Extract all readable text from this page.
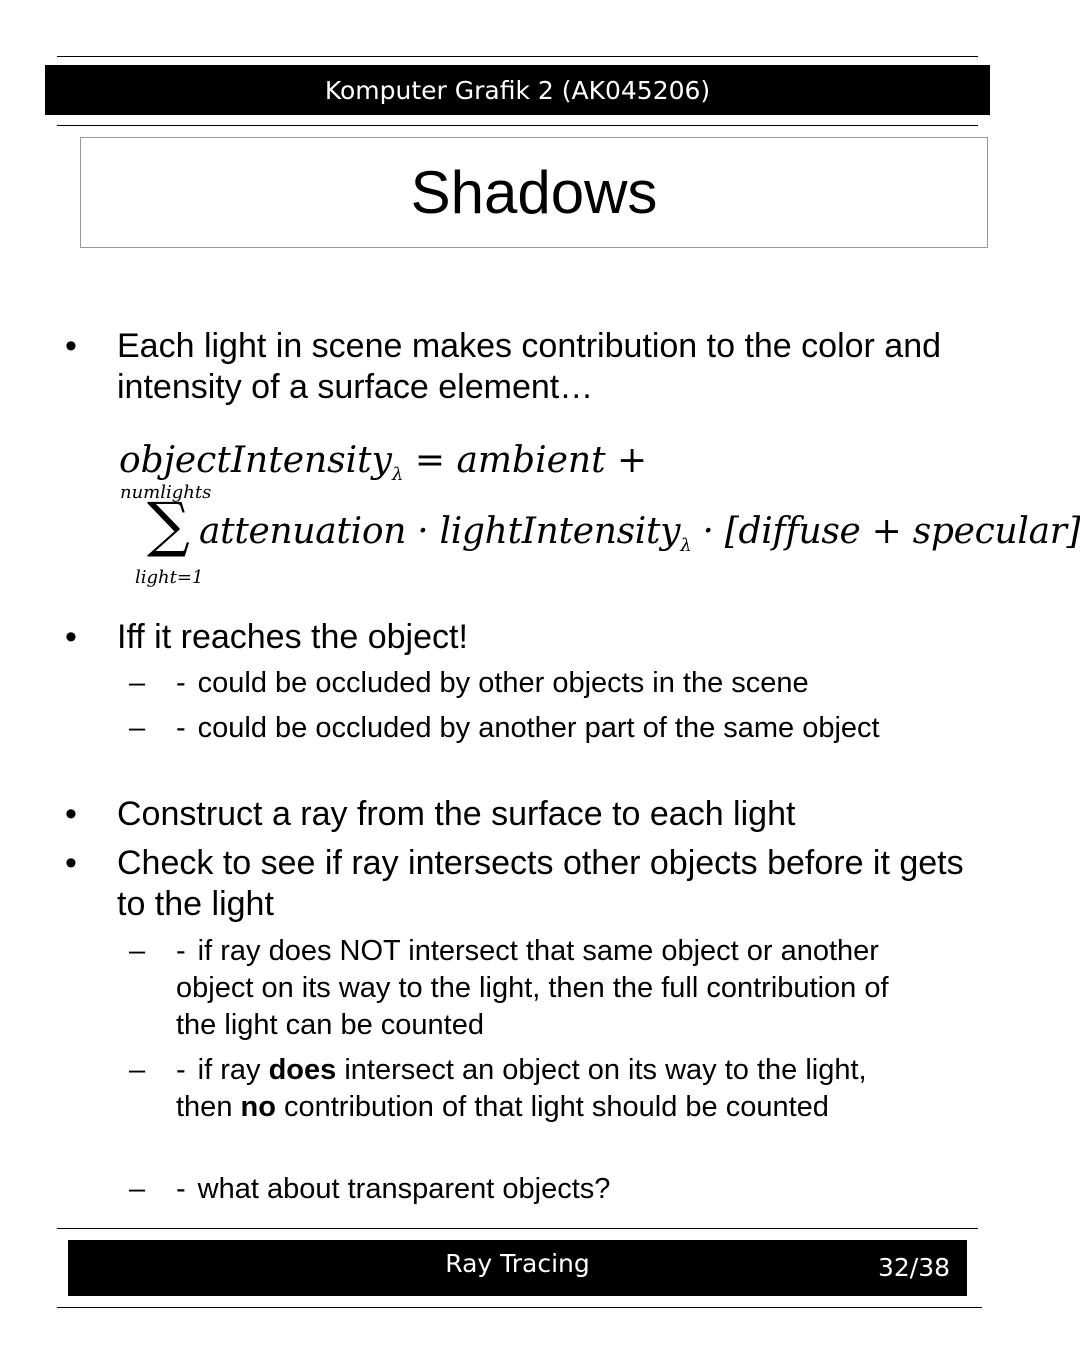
Komputer Grafik 2 (AK045206)
Shadows
• Each light in scene makes contribution to the color and intensity of a surface element…
objectIntensity$_\lambda$ = ambient +
numlights
∑
light=1
attenuation · lightIntensity$_\lambda$ · [diffuse + specular]
• Iff it reaches the object!
– - could be occluded by other objects in the scene
– - could be occluded by another part of the same object
• Construct a ray from the surface to each light
• Check to see if ray intersects other objects before it gets to the light
– - if ray does NOT intersect that same object or another object on its way to the light, then the full contribution of the light can be counted
– - if ray does intersect an object on its way to the light, then no contribution of that light should be counted
– - what about transparent objects?
Ray Tracing	32/38
